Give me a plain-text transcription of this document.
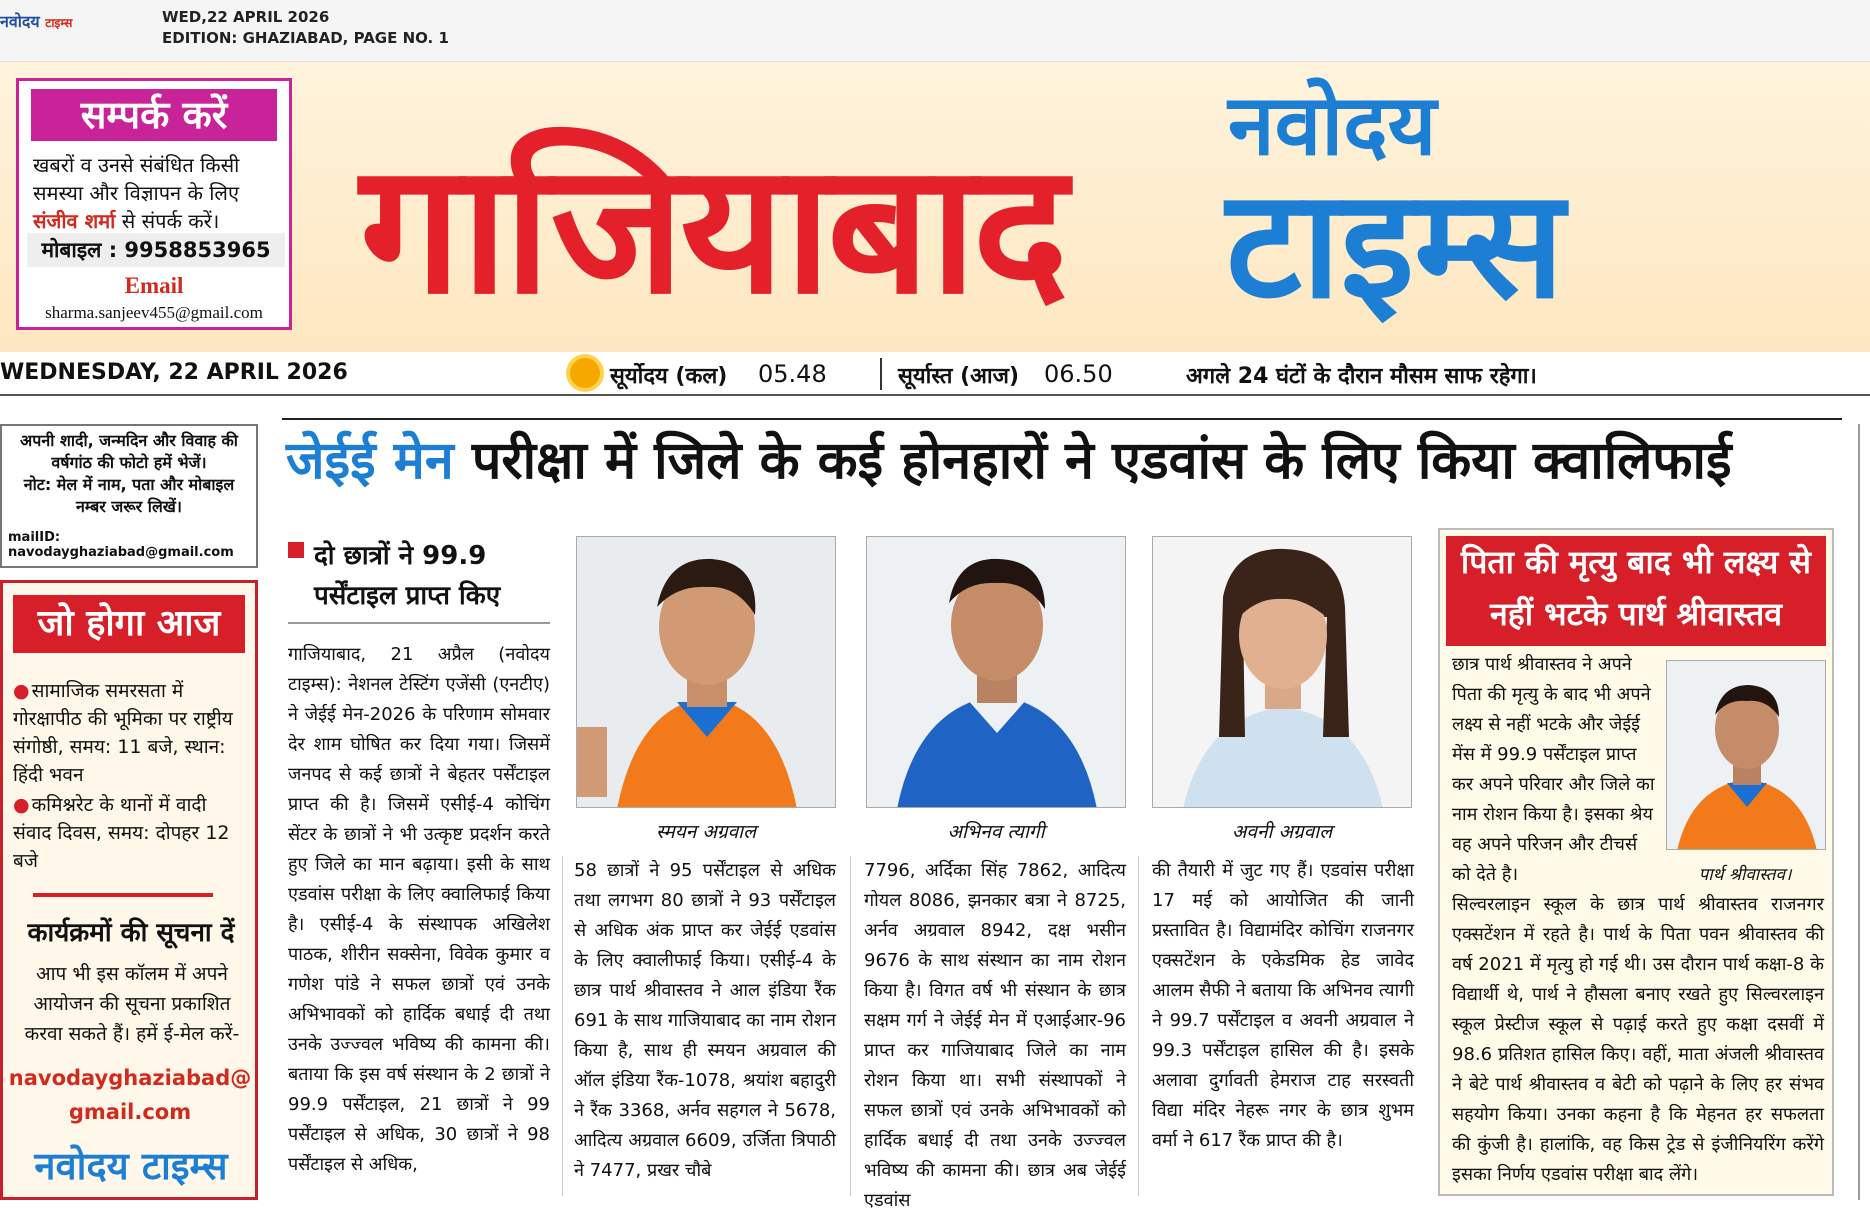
नवोदय टाइम्स	WED,22 APRIL 2026
EDITION: GHAZIABAD, PAGE NO. 1
सम्पर्क करें
खबरों व उनसे संबंधित किसी समस्या और विज्ञापन के लिए संजीव शर्मा से संपर्क करें।
मोबाइल : 9958853965
Email
sharma.sanjeev455@gmail.com गाजियाबाद नवोदय
टाइम्स
WEDNESDAY, 22 APRIL 2026	सूर्योदय (कल) 05.48	सूर्यास्त (आज) 06.50	अगले 24 घंटों के दौरान मौसम साफ रहेगा।
अपनी शादी, जन्मदिन और विवाह की वर्षगांठ की फोटो हमें भेजें।
नोट: मेल में नाम, पता और मोबाइल नम्बर जरूर लिखें।
mailID: navodayghaziabad@gmail.com
जो होगा आज
● सामाजिक समरसता में गोरक्षापीठ की भूमिका पर राष्ट्रीय संगोष्ठी, समय: 11 बजे, स्थान: हिंदी भवन
● कमिश्नरेट के थानों में वादी संवाद दिवस, समय: दोपहर 12 बजे
कार्यक्रमों की सूचना दें
आप भी इस कॉलम में अपने आयोजन की सूचना प्रकाशित करवा सकते हैं। हमें ई-मेल करें-
navodayghaziabad@ gmail.com
नवोदय टाइम्स
जेईई मेन परीक्षा में जिले के कई होनहारों ने एडवांस के लिए किया क्वालिफाई
दो छात्रों ने 99.9
पर्सेंटाइल प्राप्त किए
गाजियाबाद, 21 अप्रैल (नवोदय टाइम्स): नेशनल टेस्टिंग एजेंसी (एनटीए) ने जेईई मेन-2026 के परिणाम सोमवार देर शाम घोषित कर दिया गया। जिसमें जनपद से कई छात्रों ने बेहतर पर्सेंटाइल प्राप्त की है। जिसमें एसीई-4 कोचिंग सेंटर के छात्रों ने भी उत्कृष्ट प्रदर्शन करते हुए जिले का मान बढ़ाया। इसी के साथ एडवांस परीक्षा के लिए क्वालिफाई किया है। एसीई-4 के संस्थापक अखिलेश पाठक, शीरीन सक्सेना, विवेक कुमार व गणेश पांडे ने सफल छात्रों एवं उनके अभिभावकों को हार्दिक बधाई दी तथा उनके उज्ज्वल भविष्य की कामना की। बताया कि इस वर्ष संस्थान के 2 छात्रों ने 99.9 पर्सेंटाइल, 21 छात्रों ने 99 पर्सेंटाइल से अधिक, 30 छात्रों ने 98 पर्सेंटाइल से अधिक,
58 छात्रों ने 95 पर्सेंटाइल से अधिक तथा लगभग 80 छात्रों ने 93 पर्सेंटाइल से अधिक अंक प्राप्त कर जेईई एडवांस के लिए क्वालीफाई किया। एसीई-4 के छात्र पार्थ श्रीवास्तव ने आल इंडिया रैंक 691 के साथ गाजियाबाद का नाम रोशन किया है, साथ ही स्मयन अग्रवाल की ऑल इंडिया रैंक-1078, श्रयांश बहादुरी ने रैंक 3368, अर्नव सहगल ने 5678, आदित्य अग्रवाल 6609, उर्जिता त्रिपाठी ने 7477, प्रखर चौबे
7796, अर्दिका सिंह 7862, आदित्य गोयल 8086, झनकार बत्रा ने 8725, अर्नव अग्रवाल 8942, दक्ष भसीन 9676 के साथ संस्थान का नाम रोशन किया है। विगत वर्ष भी संस्थान के छात्र सक्षम गर्ग ने जेईई मेन में एआईआर-96 प्राप्त कर गाजियाबाद जिले का नाम रोशन किया था। सभी संस्थापकों ने सफल छात्रों एवं उनके अभिभावकों को हार्दिक बधाई दी तथा उनके उज्ज्वल भविष्य की कामना की। छात्र अब जेईई एडवांस
की तैयारी में जुट गए हैं। एडवांस परीक्षा 17 मई को आयोजित की जानी प्रस्तावित है। विद्यामंदिर कोचिंग राजनगर एक्सटेंशन के एकेडमिक हेड जावेद आलम सैफी ने बताया कि अभिनव त्यागी ने 99.7 पर्सेंटाइल व अवनी अग्रवाल ने 99.3 पर्सेंटाइल हासिल की है। इसके अलावा दुर्गावती हेमराज टाह सरस्वती विद्या मंदिर नेहरू नगर के छात्र शुभम वर्मा ने 617 रैंक प्राप्त की है।
स्मयन अग्रवाल	अभिनव त्यागी	अवनी अग्रवाल
पिता की मृत्यु बाद भी लक्ष्य से नहीं भटके पार्थ श्रीवास्तव
छात्र पार्थ श्रीवास्तव ने अपने पिता की मृत्यु के बाद भी अपने लक्ष्य से नहीं भटके और जेईई मेंस में 99.9 पर्सेंटाइल प्राप्त कर अपने परिवार और जिले का नाम रोशन किया है। इसका श्रेय वह अपने परिजन और टीचर्स को देते है।	पार्थ श्रीवास्तव।
सिल्वरलाइन स्कूल के छात्र पार्थ श्रीवास्तव राजनगर एक्सटेंशन में रहते है। पार्थ के पिता पवन श्रीवास्तव की वर्ष 2021 में मृत्यु हो गई थी। उस दौरान पार्थ कक्षा-8 के विद्यार्थी थे, पार्थ ने हौसला बनाए रखते हुए सिल्वरलाइन स्कूल प्रेस्टीज स्कूल से पढ़ाई करते हुए कक्षा दसवीं में 98.6 प्रतिशत हासिल किए। वहीं, माता अंजली श्रीवास्तव ने बेटे पार्थ श्रीवास्तव व बेटी को पढ़ाने के लिए हर संभव सहयोग किया। उनका कहना है कि मेहनत हर सफलता की कुंजी है। हालांकि, वह किस ट्रेड से इंजीनियरिंग करेंगे इसका निर्णय एडवांस परीक्षा बाद लेंगे।
